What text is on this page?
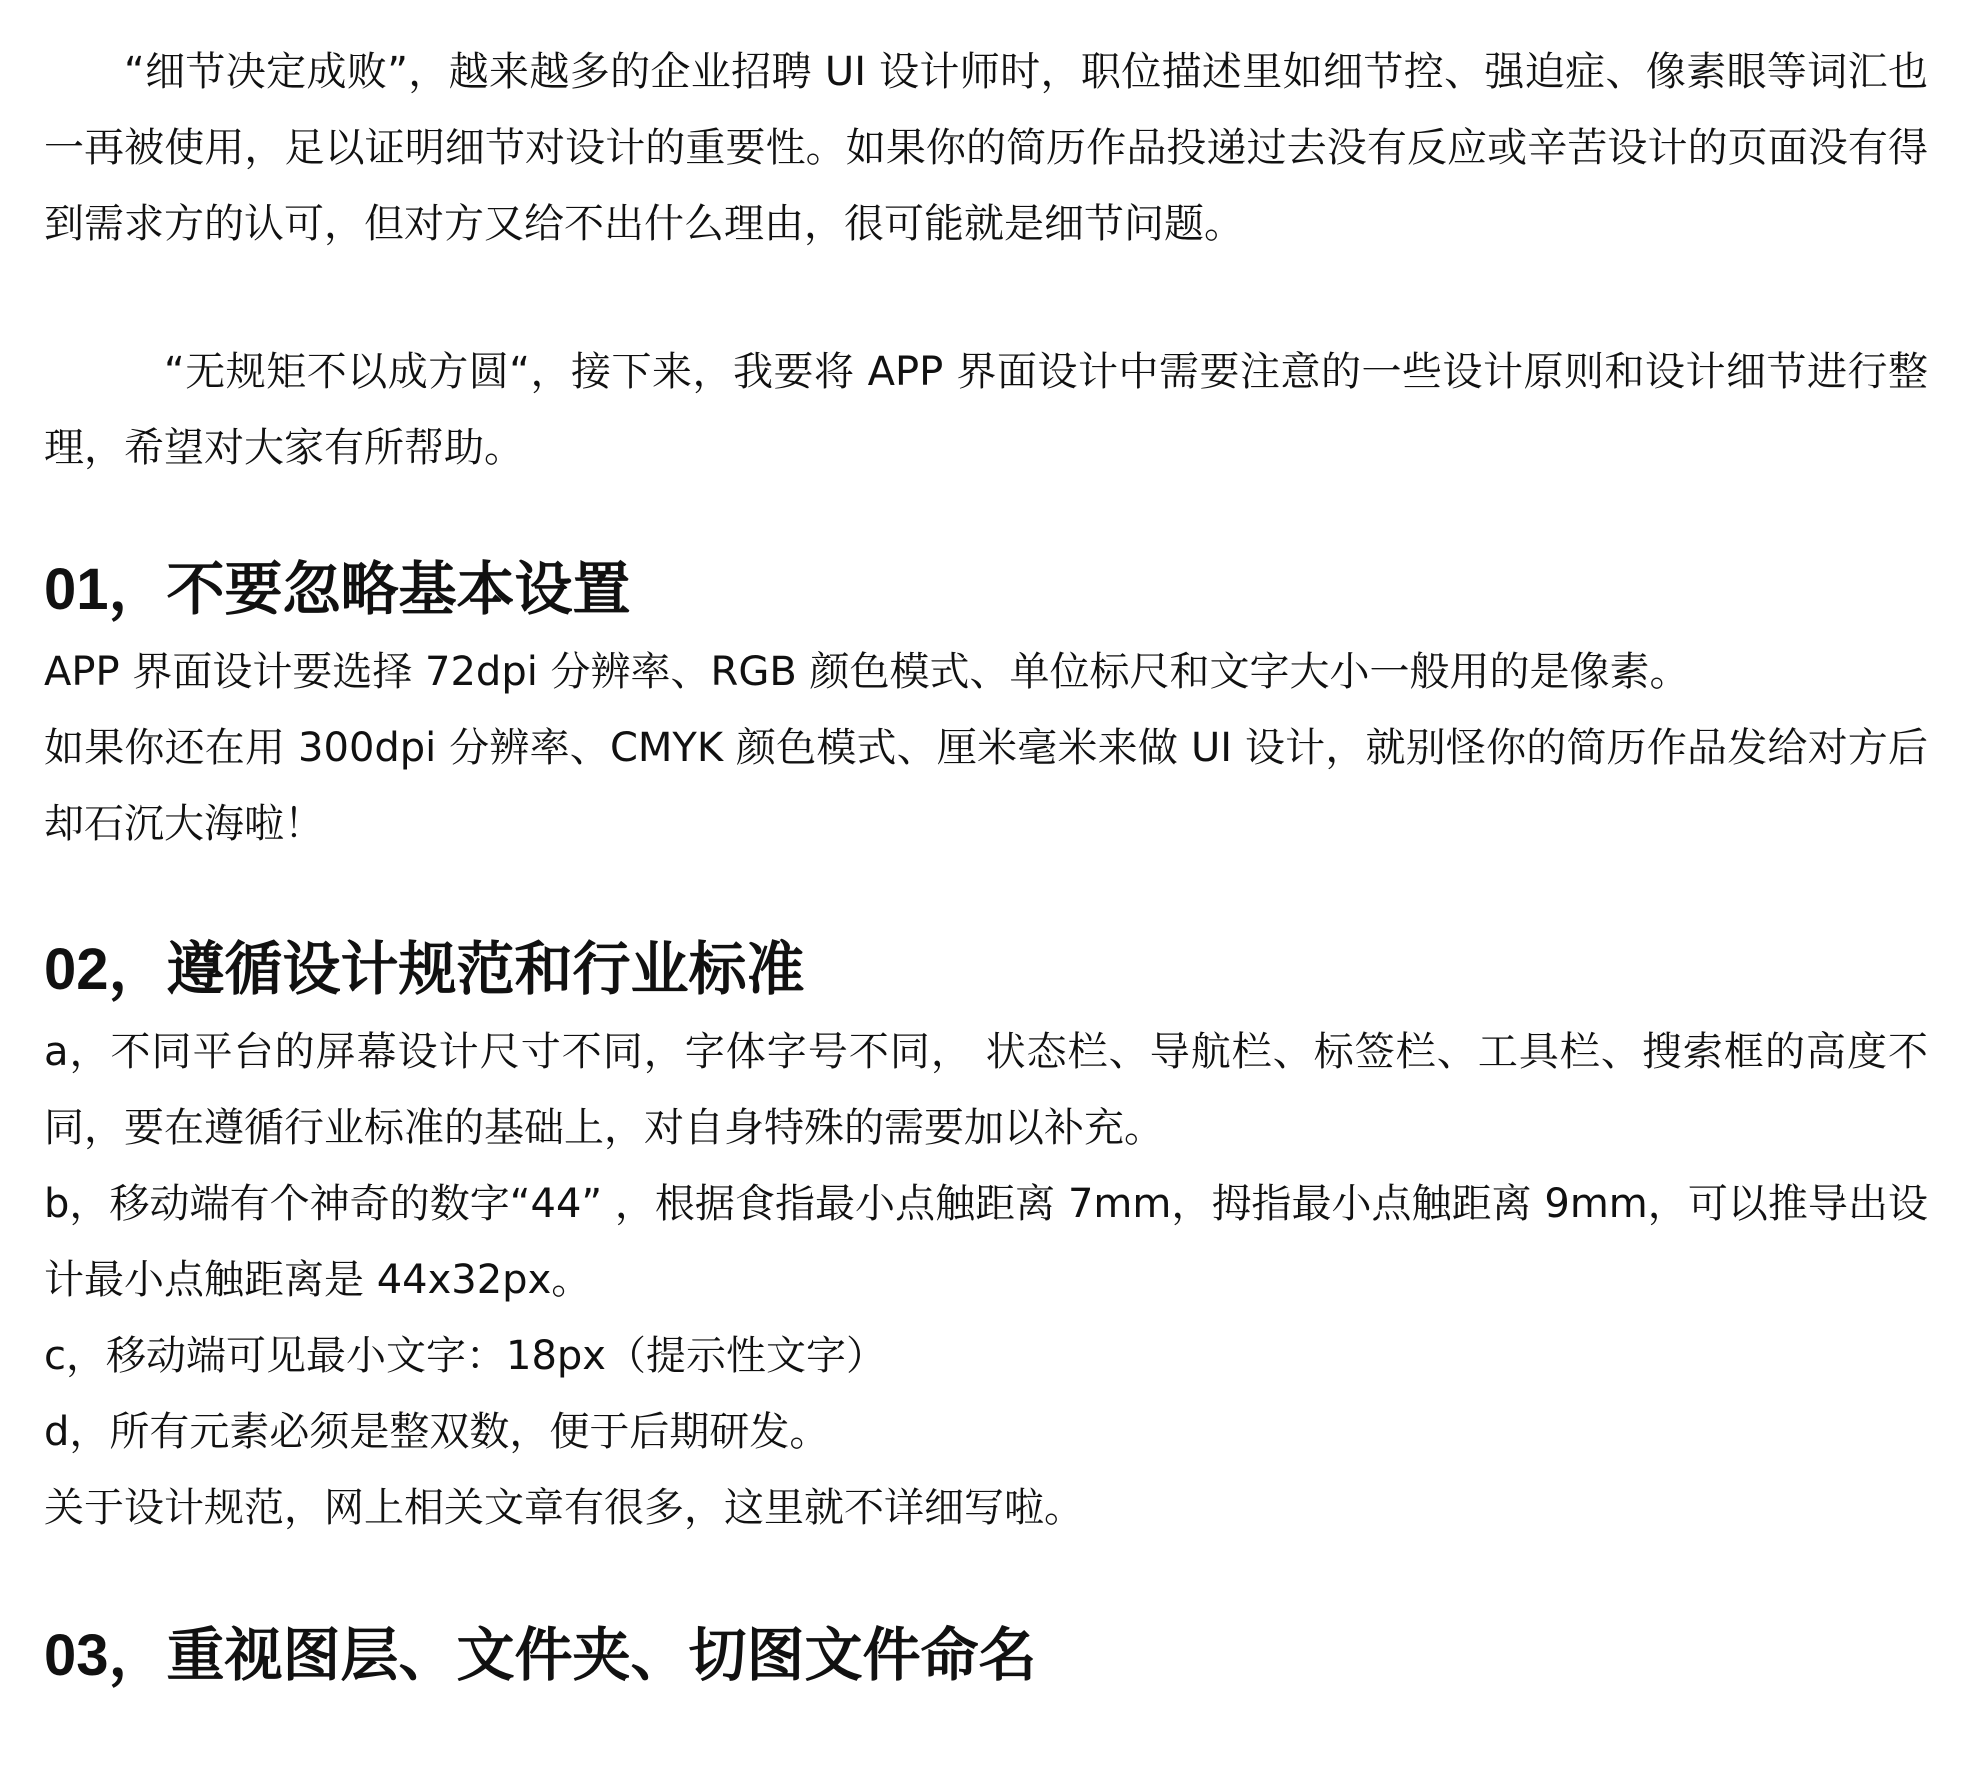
“细节决定成败”，越来越多的企业招聘 UI 设计师时，职位描述里如细节控、强迫症、像素眼等词汇也一再被使用，足以证明细节对设计的重要性。如果你的简历作品投递过去没有反应或辛苦设计的页面没有得到需求方的认可，但对方又给不出什么理由，很可能就是细节问题。

“无规矩不以成方圆“，接下来，我要将 APP 界面设计中需要注意的一些设计原则和设计细节进行整理，希望对大家有所帮助。

01，不要忽略基本设置

APP 界面设计要选择 72dpi 分辨率、RGB 颜色模式、单位标尺和文字大小一般用的是像素。

如果你还在用 300dpi 分辨率、CMYK 颜色模式、厘米毫米来做 UI 设计，就别怪你的简历作品发给对方后却石沉大海啦！

02，遵循设计规范和行业标准

a，不同平台的屏幕设计尺寸不同，字体字号不同， 状态栏、导航栏、标签栏、工具栏、搜索框的高度不同，要在遵循行业标准的基础上，对自身特殊的需要加以补充。

b，移动端有个神奇的数字“44” ，根据食指最小点触距离 7mm，拇指最小点触距离 9mm，可以推导出设计最小点触距离是 44x32px。

c，移动端可见最小文字：18px（提示性文字）

d，所有元素必须是整双数，便于后期研发。

关于设计规范，网上相关文章有很多，这里就不详细写啦。

03，重视图层、文件夹、切图文件命名
